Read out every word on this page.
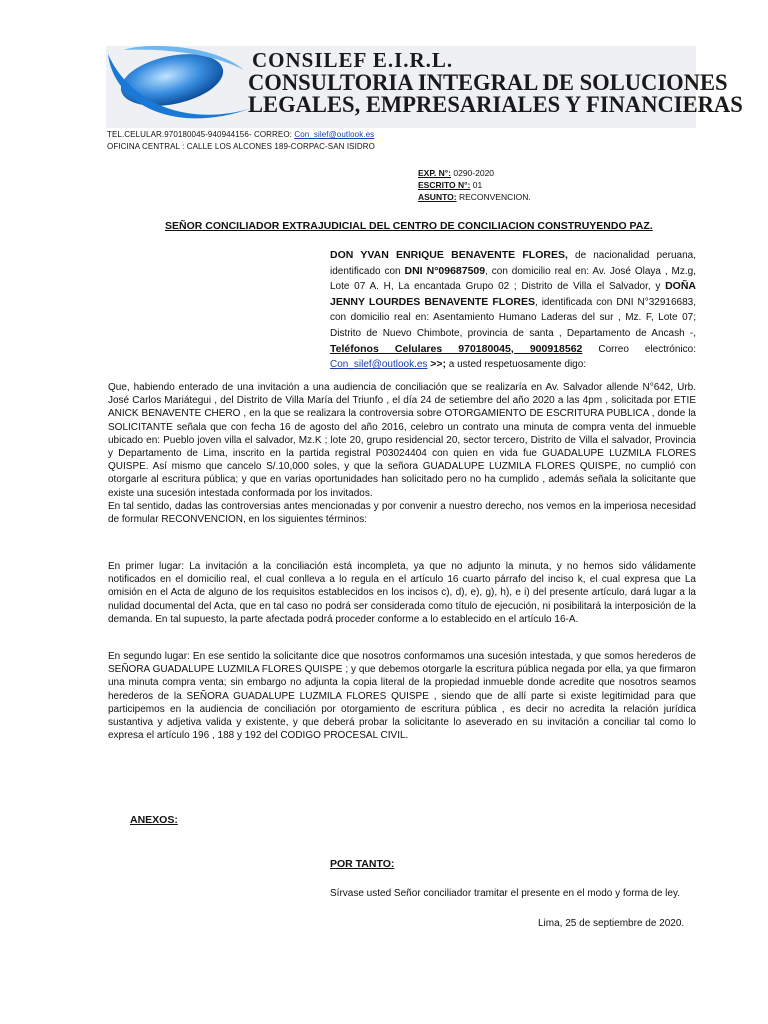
CONSILEF E.I.R.L.
CONSULTORIA INTEGRAL DE SOLUCIONES
LEGALES, EMPRESARIALES Y FINANCIERAS
TEL.CELULAR.970180045-940944156- CORREO: Con_silef@outlook.es
OFICINA CENTRAL : CALLE LOS ALCONES 189-CORPAC-SAN ISIDRO
EXP. N°: 0290-2020
ESCRITO N°: 01
ASUNTO: RECONVENCION.
SEÑOR CONCILIADOR EXTRAJUDICIAL DEL CENTRO DE CONCILIACION CONSTRUYENDO PAZ.
DON YVAN ENRIQUE BENAVENTE FLORES, de nacionalidad peruana, identificado con DNI N°09687509, con domicilio real en: Av. José Olaya , Mz.g, Lote 07 A. H, La encantada Grupo 02 ; Distrito de Villa el Salvador, y DOÑA JENNY LOURDES BENAVENTE FLORES, identificada con DNI N°32916683, con domicilio real en: Asentamiento Humano Laderas del sur , Mz. F, Lote 07; Distrito de Nuevo Chimbote, provincia de santa , Departamento de Ancash -, Teléfonos Celulares 970180045, 900918562 Correo electrónico: Con_silef@outlook.es >>; a usted respetuosamente digo:
Que, habiendo enterado de una invitación a una audiencia de conciliación que se realizaría en Av. Salvador allende N°642, Urb. José Carlos Mariátegui , del Distrito de Villa María del Triunfo , el día 24 de setiembre del año 2020 a las 4pm , solicitada por ETIE ANICK BENAVENTE CHERO , en la que se realizara la controversia sobre OTORGAMIENTO DE ESCRITURA PUBLICA , donde la SOLICITANTE señala que con fecha 16 de agosto del año 2016, celebro un contrato una minuta de compra venta del inmueble ubicado en: Pueblo joven villa el salvador, Mz.K ; lote 20, grupo residencial 20, sector tercero, Distrito de Villa el salvador, Provincia y Departamento de Lima, inscrito en la partida registral P03024404 con quien en vida fue GUADALUPE LUZMILA FLORES QUISPE. Así mismo que cancelo S/.10,000 soles, y que la señora GUADALUPE LUZMILA FLORES QUISPE, no cumplió con otorgarle al escritura pública; y que en varias oportunidades han solicitado pero no ha cumplido , además señala la solicitante que existe una sucesión intestada conformada por los invitados.
En tal sentido, dadas las controversias antes mencionadas y por convenir a nuestro derecho, nos vemos en la imperiosa necesidad de formular RECONVENCION, en los siguientes términos:
En primer lugar: La invitación a la conciliación está incompleta, ya que no adjunto la minuta, y no hemos sido válidamente notificados en el domicilio real, el cual conlleva a lo regula en el artículo 16 cuarto párrafo del inciso k, el cual expresa que La omisión en el Acta de alguno de los requisitos establecidos en los incisos c), d), e), g), h), e i) del presente artículo, dará lugar a la nulidad documental del Acta, que en tal caso no podrá ser considerada como título de ejecución, ni posibilitará la interposición de la demanda. En tal supuesto, la parte afectada podrá proceder conforme a lo establecido en el artículo 16-A.
En segundo lugar: En ese sentido la solicitante dice que nosotros conformamos una sucesión intestada, y que somos herederos de SEÑORA GUADALUPE LUZMILA FLORES QUISPE ; y que debemos otorgarle la escritura pública negada por ella, ya que firmaron una minuta compra venta; sin embargo no adjunta la copia literal de la propiedad inmueble donde acredite que nosotros seamos herederos de la SEÑORA GUADALUPE LUZMILA FLORES QUISPE , siendo que de allí parte si existe legitimidad para que participemos en la audiencia de conciliación por otorgamiento de escritura pública , es decir no acredita la relación jurídica sustantiva y adjetiva valida y existente, y que deberá probar la solicitante lo aseverado en su invitación a conciliar tal como lo expresa el artículo 196 , 188 y 192 del CODIGO PROCESAL CIVIL.
ANEXOS:
POR TANTO:
Sírvase usted Señor conciliador tramitar el presente en el modo y forma de ley.
Lima, 25 de septiembre de 2020.
